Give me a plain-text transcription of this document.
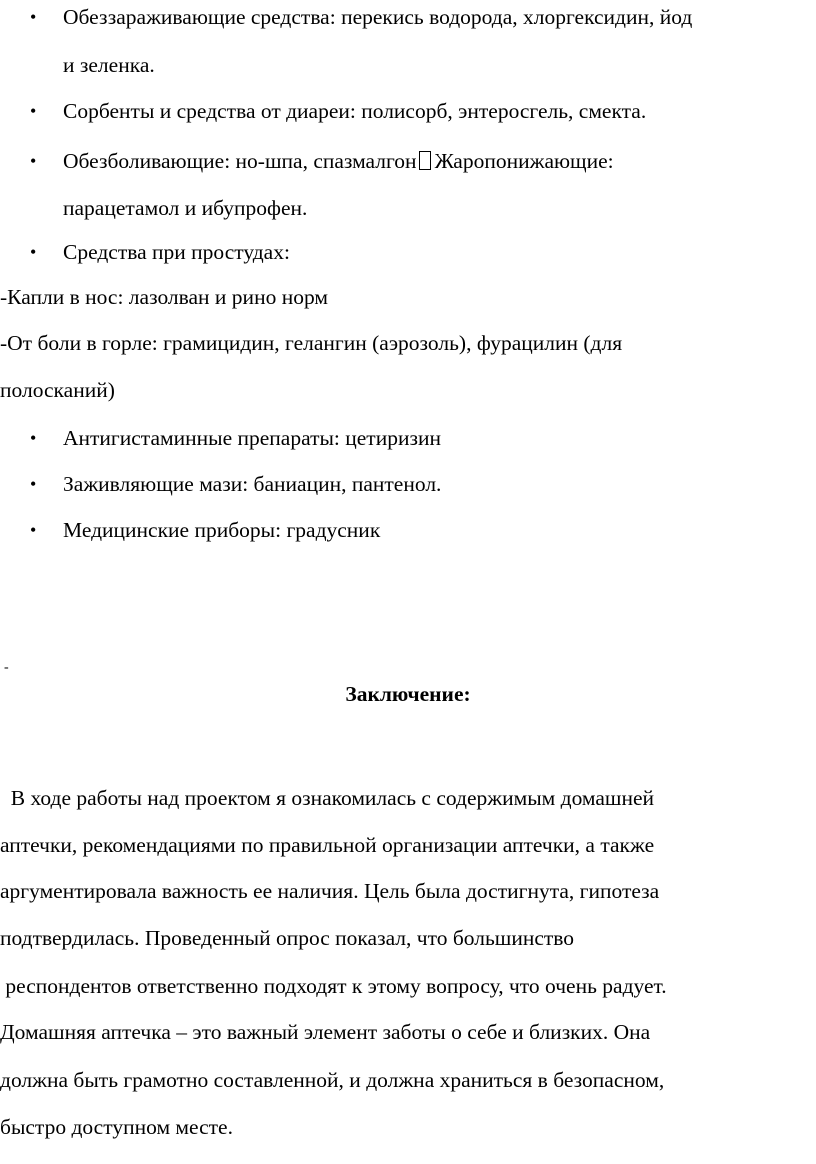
• Обеззараживающие средства: перекись водорода, хлоргексидин, йод
и зеленка.
• Сорбенты и средства от диареи: полисорб, энтеросгель, смекта.
• Обезболивающие: но-шпа, спазмалгон Жаропонижающие:
парацетамол и ибупрофен.
• Средства при простудах:
-Капли в нос: лазолван и рино норм
-От боли в горле: грамицидин, гелангин (аэрозоль), фурацилин (для
полосканий)
• Антигистаминные препараты: цетиризин
• Заживляющие мази: баниацин, пантенол.
• Медицинские приборы: градусник
-
Заключение:
В ходе работы над проектом я ознакомилась с содержимым домашней
аптечки, рекомендациями по правильной организации аптечки, а также
аргументировала важность ее наличия. Цель была достигнута, гипотеза
подтвердилась. Проведенный опрос показал, что большинство
респондентов ответственно подходят к этому вопросу, что очень радует.
Домашняя аптечка – это важный элемент заботы о себе и близких. Она
должна быть грамотно составленной, и должна храниться в безопасном,
быстро доступном месте.
